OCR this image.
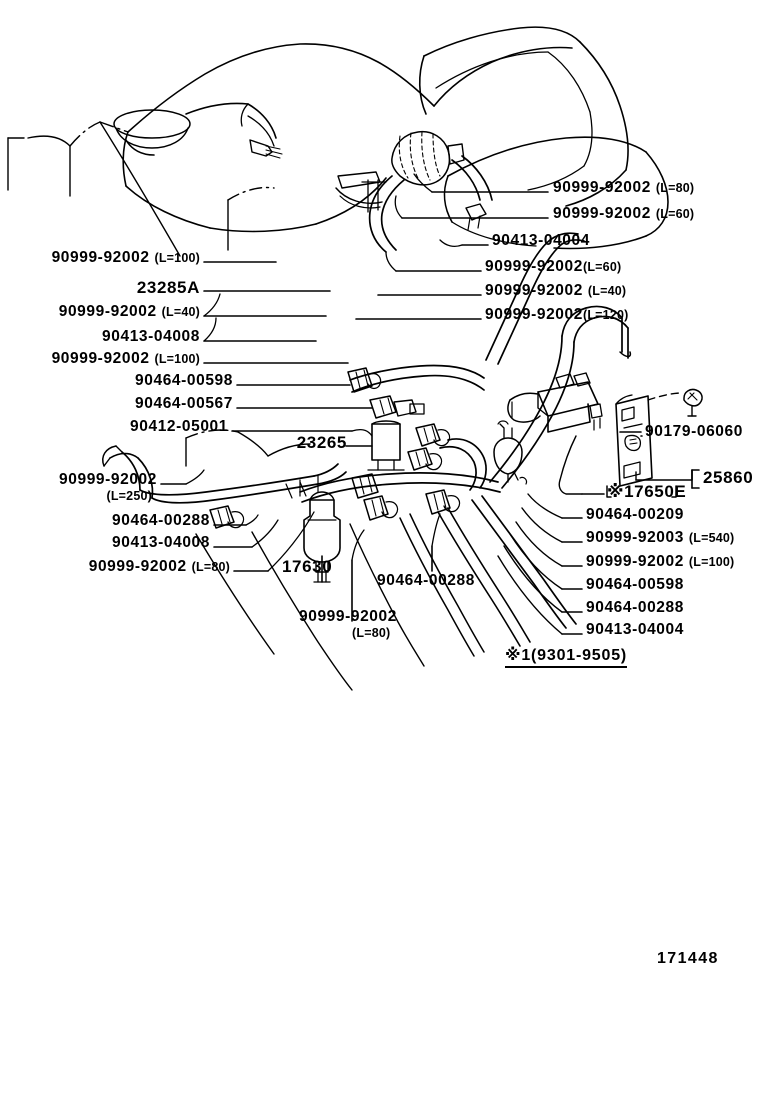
90999-92002 (L=80)
90999-92002 (L=60)
90413-04004
90999-92002(L=60)
90999-92002 (L=40)
90999-92002(L=120)
90999-92002 (L=100)
23285A
90999-92002 (L=40)
90413-04008
90999-92002 (L=100)
90464-00598
90464-00567
90412-05001
90999-92002
(L=250)
90464-00288
90413-04008
90999-92002 (L=80)
23265
17630
90464-00288
90999-92002
(L=80)
※17650E
90464-00209
90999-92003 (L=540)
90999-92002 (L=100)
90464-00598
90464-00288
90413-04004
90179-06060
25860
※1(9301-9505)
171448
